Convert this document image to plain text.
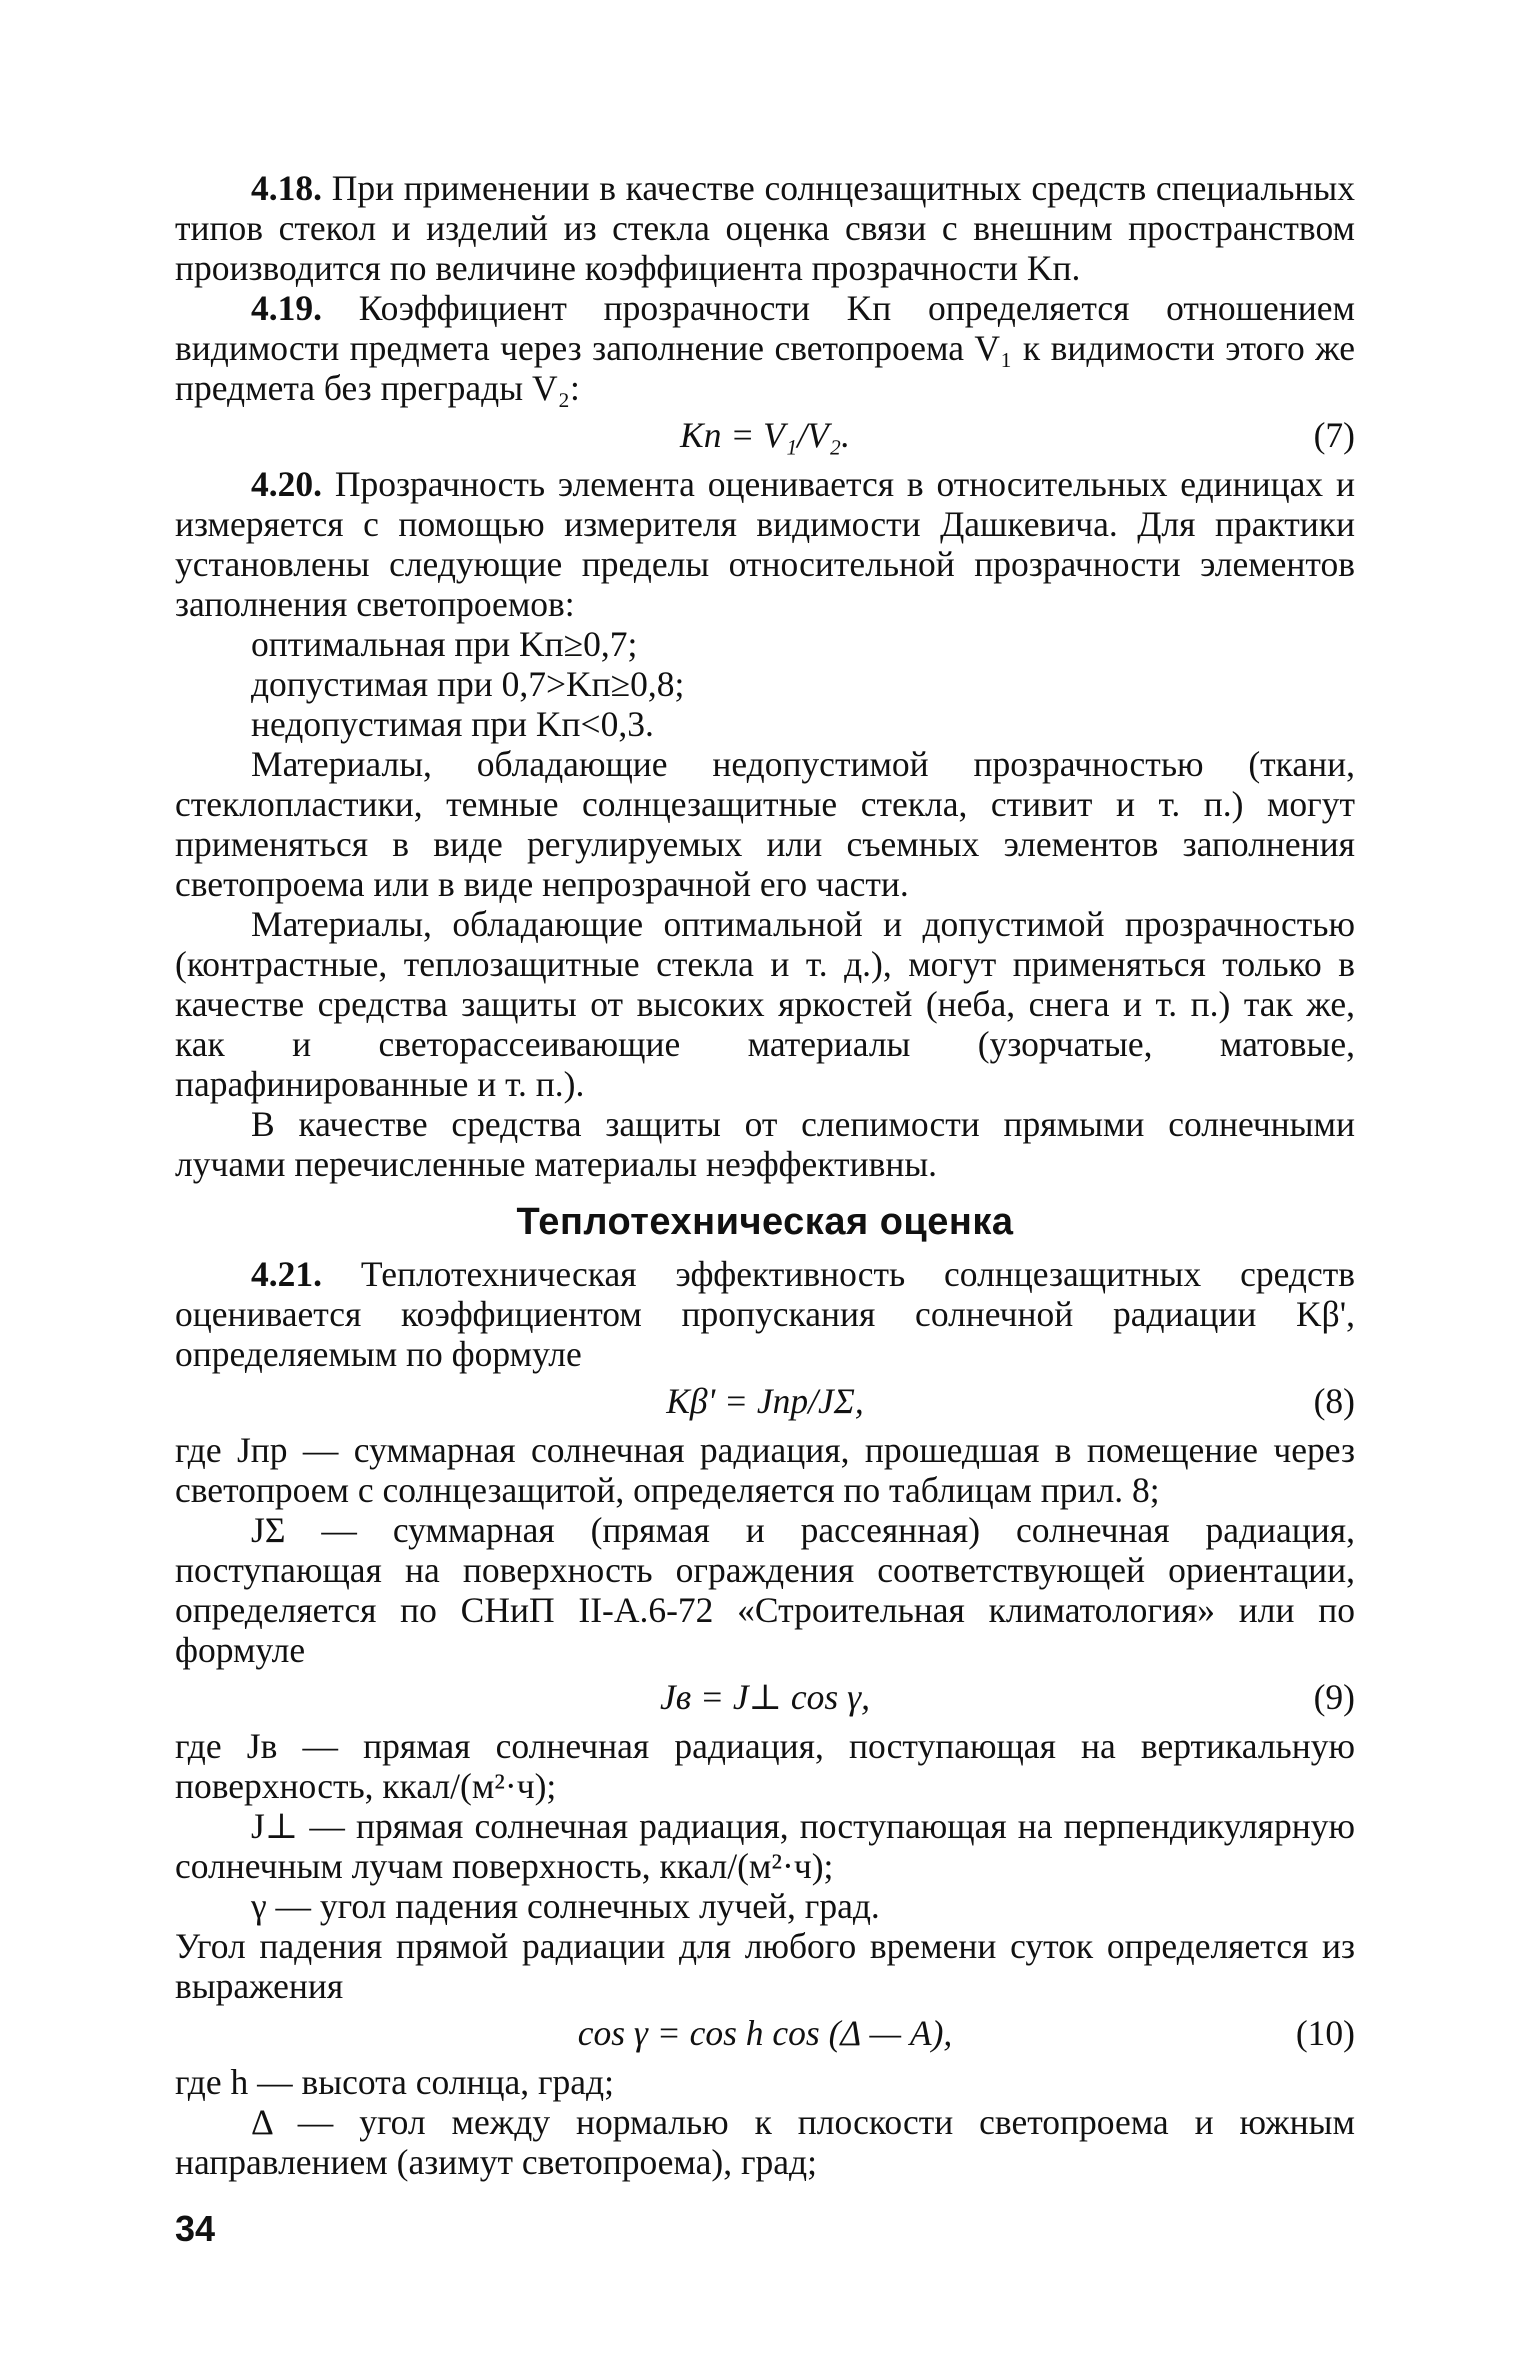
4.18. При применении в качестве солнцезащитных средств специальных типов стекол и изделий из стекла оценка связи с внешним пространством производится по величине коэффициента прозрачности Kп.

4.19. Коэффициент прозрачности Kп определяется отношением видимости предмета через заполнение светопроема V₁ к видимости этого же предмета без преграды V₂:

Kп = V₁/V₂.	(7)

4.20. Прозрачность элемента оценивается в относительных единицах и измеряется с помощью измерителя видимости Дашкевича. Для практики установлены следующие пределы относительной прозрачности элементов заполнения светопроемов:

оптимальная при Kп≥0,7;

допустимая при 0,7>Kп≥0,8;

недопустимая при Kп<0,3.

Материалы, обладающие недопустимой прозрачностью (ткани, стеклопластики, темные солнцезащитные стекла, стивит и т. п.) могут применяться в виде регулируемых или съемных элементов заполнения светопроема или в виде непрозрачной его части.

Материалы, обладающие оптимальной и допустимой прозрачностью (контрастные, теплозащитные стекла и т. д.), могут применяться только в качестве средства защиты от высоких яркостей (неба, снега и т. п.) так же, как и светорассеивающие материалы (узорчатые, матовые, парафинированные и т. п.).

В качестве средства защиты от слепимости прямыми солнечными лучами перечисленные материалы неэффективны.

Теплотехническая оценка

4.21. Теплотехническая эффективность солнцезащитных средств оценивается коэффициентом пропускания солнечной радиации Kβ', определяемым по формуле

Kβ' = Jпр/JΣ,	(8)

где Jпр — суммарная солнечная радиация, прошедшая в помещение через светопроем с солнцезащитой, определяется по таблицам прил. 8;

JΣ — суммарная (прямая и рассеянная) солнечная радиация, поступающая на поверхность ограждения соответствующей ориентации, определяется по СНиП II-А.6-72 «Строительная климатология» или по формуле

Jв = J⊥ cos γ,	(9)

где Jв — прямая солнечная радиация, поступающая на вертикальную поверхность, ккал/(м²·ч);

J⊥ — прямая солнечная радиация, поступающая на перпендикулярную солнечным лучам поверхность, ккал/(м²·ч);

γ — угол падения солнечных лучей, град.

Угол падения прямой радиации для любого времени суток определяется из выражения

cos γ = cos h cos (Δ — A),	(10)

где h — высота солнца, град;

Δ — угол между нормалью к плоскости светопроема и южным направлением (азимут светопроема), град;

34
